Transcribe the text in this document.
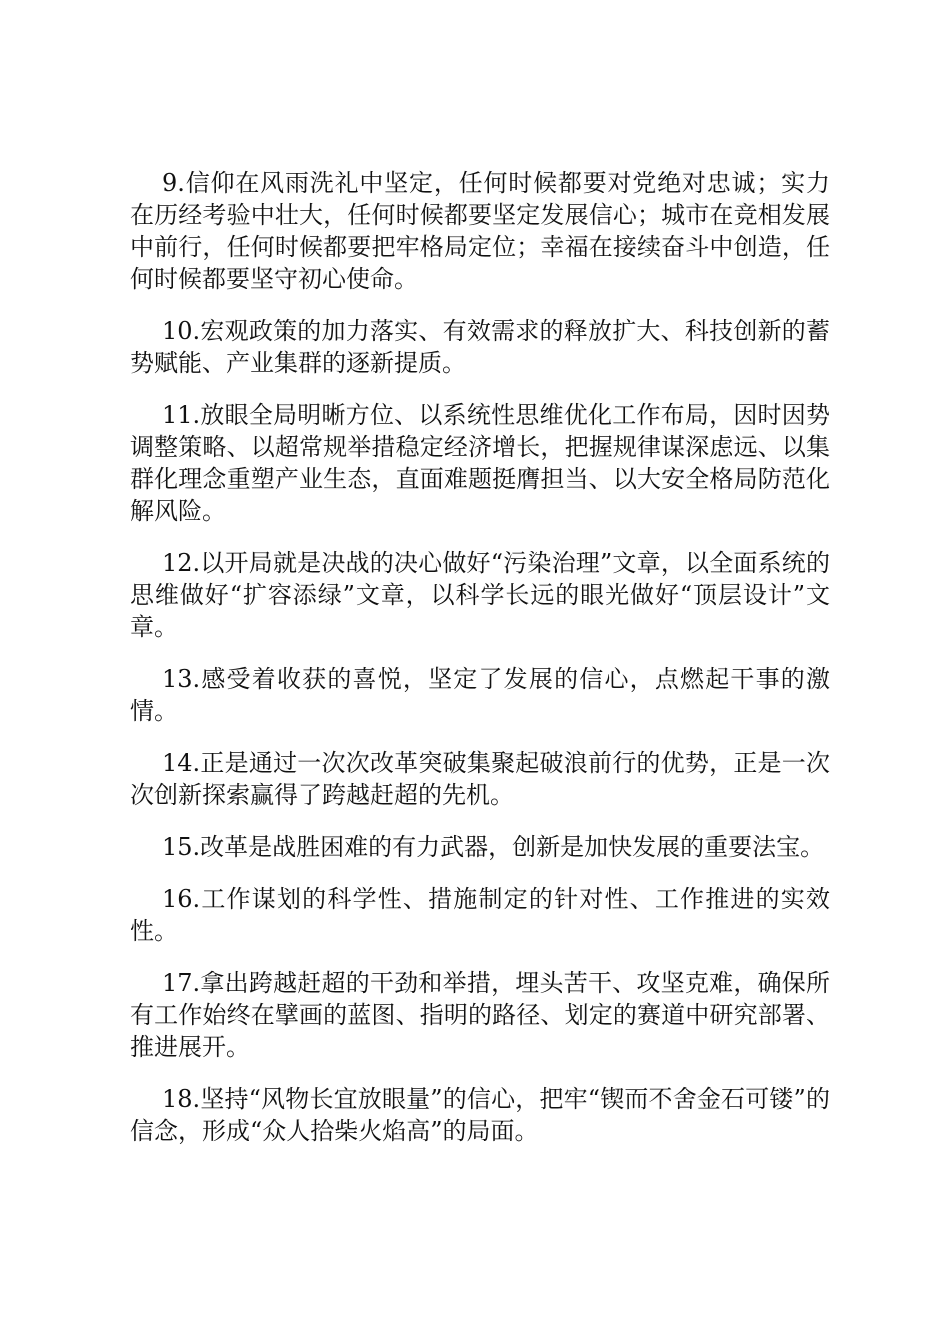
9.信仰在风雨洗礼中坚定，任何时候都要对党绝对忠诚；实力在历经考验中壮大，任何时候都要坚定发展信心；城市在竞相发展中前行，任何时候都要把牢格局定位；幸福在接续奋斗中创造，任何时候都要坚守初心使命。

10.宏观政策的加力落实、有效需求的释放扩大、科技创新的蓄势赋能、产业集群的逐新提质。

11.放眼全局明晰方位、以系统性思维优化工作布局，因时因势调整策略、以超常规举措稳定经济增长，把握规律谋深虑远、以集群化理念重塑产业生态，直面难题挺膺担当、以大安全格局防范化解风险。

12.以开局就是决战的决心做好“污染治理”文章，以全面系统的思维做好“扩容添绿”文章，以科学长远的眼光做好“顶层设计”文章。

13.感受着收获的喜悦，坚定了发展的信心，点燃起干事的激情。

14.正是通过一次次改革突破集聚起破浪前行的优势，正是一次次创新探索赢得了跨越赶超的先机。

15.改革是战胜困难的有力武器，创新是加快发展的重要法宝。

16.工作谋划的科学性、措施制定的针对性、工作推进的实效性。

17.拿出跨越赶超的干劲和举措，埋头苦干、攻坚克难，确保所有工作始终在擘画的蓝图、指明的路径、划定的赛道中研究部署、推进展开。

18.坚持“风物长宜放眼量”的信心，把牢“锲而不舍金石可镂”的信念，形成“众人拾柴火焰高”的局面。
